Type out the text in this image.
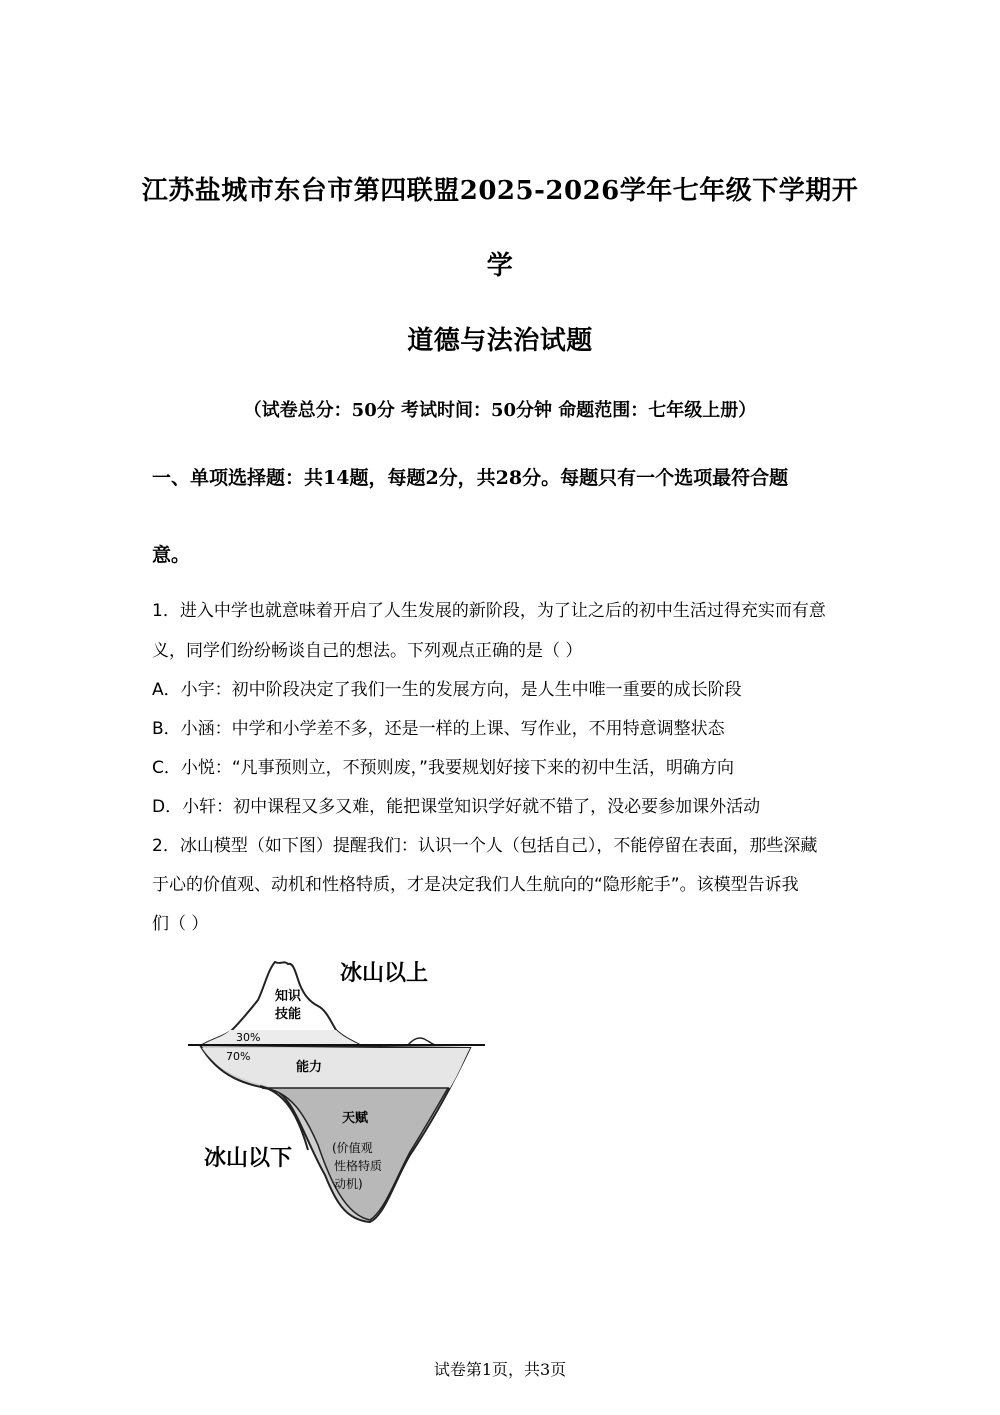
江苏盐城市东台市第四联盟2025-2026学年七年级下学期开
学
道德与法治试题
（试卷总分：50分 考试时间：50分钟 命题范围：七年级上册）
一、单项选择题：共14题，每题2分，共28分。每题只有一个选项最符合题
意。
1．进入中学也就意味着开启了人生发展的新阶段，为了让之后的初中生活过得充实而有意
义，同学们纷纷畅谈自己的想法。下列观点正确的是（ ）
A．小宇：初中阶段决定了我们一生的发展方向，是人生中唯一重要的成长阶段
B．小涵：中学和小学差不多，还是一样的上课、写作业，不用特意调整状态
C．小悦：“凡事预则立，不预则废，”我要规划好接下来的初中生活，明确方向
D．小轩：初中课程又多又难，能把课堂知识学好就不错了，没必要参加课外活动
2．冰山模型（如下图）提醒我们：认识一个人（包括自己），不能停留在表面，那些深藏
于心的价值观、动机和性格特质，才是决定我们人生航向的“隐形舵手”。该模型告诉我
们（ ）
冰山以上
冰山以下
知识
技能
30%
70%
能力
天赋
(价值观
性格特质
动机)
试卷第1页，共3页
